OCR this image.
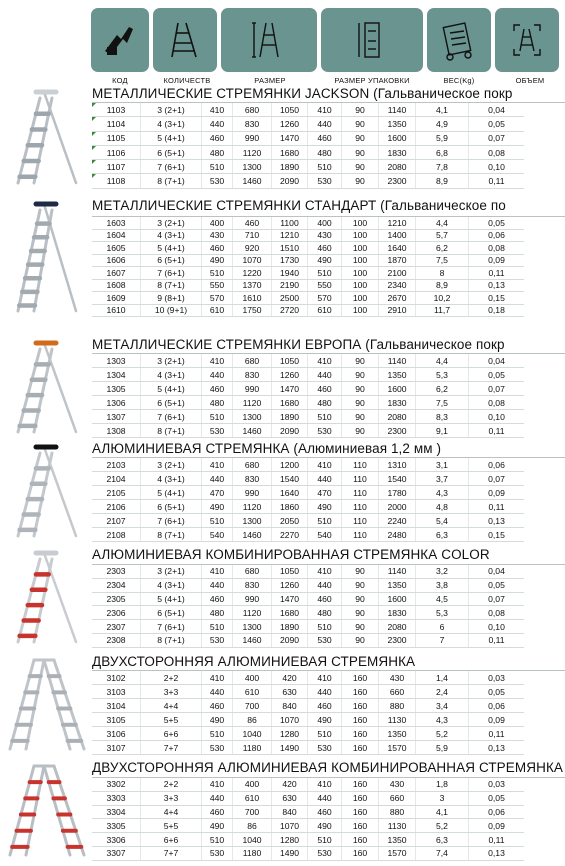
КОД	КОЛИЧЕСТВ	РАЗМЕР	РАЗМЕР УПАКОВКИ	ВЕС(Kg)	ОБЪЕМ
МЕТАЛЛИЧЕСКИЕ СТРЕМЯНКИ JACKSON (Гальваническое покр
1103	3 (2+1)	410	680	1050	410	90	1140	4,1	0,04
1104	4 (3+1)	440	830	1260	440	90	1350	4,9	0,05
1105	5 (4+1)	460	990	1470	460	90	1600	5,9	0,07
1106	6 (5+1)	480	1120	1680	480	90	1830	6,8	0,08
1107	7 (6+1)	510	1300	1890	510	90	2080	7,8	0,10
1108	8 (7+1)	530	1460	2090	530	90	2300	8,9	0,11
МЕТАЛЛИЧЕСКИЕ СТРЕМЯНКИ СТАНДАРТ (Гальваническое по
1603	3 (2+1)	400	460	1100	400	100	1210	4,4	0,05
1604	4 (3+1)	430	710	1210	430	100	1400	5,7	0,06
1605	5 (4+1)	460	920	1510	460	100	1640	6,2	0,08
1606	6 (5+1)	490	1070	1730	490	100	1870	7,5	0,09
1607	7 (6+1)	510	1220	1940	510	100	2100	8	0,11
1608	8 (7+1)	550	1370	2190	550	100	2340	8,9	0,13
1609	9 (8+1)	570	1610	2500	570	100	2670	10,2	0,15
1610	10 (9+1)	610	1750	2720	610	100	2910	11,7	0,18
МЕТАЛЛИЧЕСКИЕ СТРЕМЯНКИ ЕВРОПА (Гальваническое покр
1303	3 (2+1)	410	680	1050	410	90	1140	4,4	0,04
1304	4 (3+1)	440	830	1260	440	90	1350	5,3	0,05
1305	5 (4+1)	460	990	1470	460	90	1600	6,2	0,07
1306	6 (5+1)	480	1120	1680	480	90	1830	7,5	0,08
1307	7 (6+1)	510	1300	1890	510	90	2080	8,3	0,10
1308	8 (7+1)	530	1460	2090	530	90	2300	9,1	0,11
АЛЮМИНИЕВАЯ СТРЕМЯНКА (Алюминиевая 1,2 мм )
2103	3 (2+1)	410	680	1200	410	110	1310	3,1	0,06
2104	4 (3+1)	440	830	1540	440	110	1540	3,7	0,07
2105	5 (4+1)	470	990	1640	470	110	1780	4,3	0,09
2106	6 (5+1)	490	1120	1860	490	110	2000	4,8	0,11
2107	7 (6+1)	510	1300	2050	510	110	2240	5,4	0,13
2108	8 (7+1)	540	1460	2270	540	110	2480	6,3	0,15
АЛЮМИНИЕВАЯ КОМБИНИРОВАННАЯ СТРЕМЯНКА COLOR
2303	3 (2+1)	410	680	1050	410	90	1140	3,2	0,04
2304	4 (3+1)	440	830	1260	440	90	1350	3,8	0,05
2305	5 (4+1)	460	990	1470	460	90	1600	4,5	0,07
2306	6 (5+1)	480	1120	1680	480	90	1830	5,3	0,08
2307	7 (6+1)	510	1300	1890	510	90	2080	6	0,10
2308	8 (7+1)	530	1460	2090	530	90	2300	7	0,11
ДВУХСТОРОННЯЯ АЛЮМИНИЕВАЯ СТРЕМЯНКА
3102	2+2	410	400	420	410	160	430	1,4	0,03
3103	3+3	440	610	630	440	160	660	2,4	0,05
3104	4+4	460	700	840	460	160	880	3,4	0,06
3105	5+5	490	86	1070	490	160	1130	4,3	0,09
3106	6+6	510	1040	1280	510	160	1350	5,2	0,11
3107	7+7	530	1180	1490	530	160	1570	5,9	0,13
ДВУХСТОРОННЯЯ АЛЮМИНИЕВАЯ КОМБИНИРОВАННАЯ СТРЕМЯНКА
3302	2+2	410	400	420	410	160	430	1,8	0,03
3303	3+3	440	610	630	440	160	660	3	0,05
3304	4+4	460	700	840	460	160	880	4,1	0,06
3305	5+5	490	86	1070	490	160	1130	5,2	0,09
3306	6+6	510	1040	1280	510	160	1350	6,3	0,11
3307	7+7	530	1180	1490	530	160	1570	7,4	0,13
